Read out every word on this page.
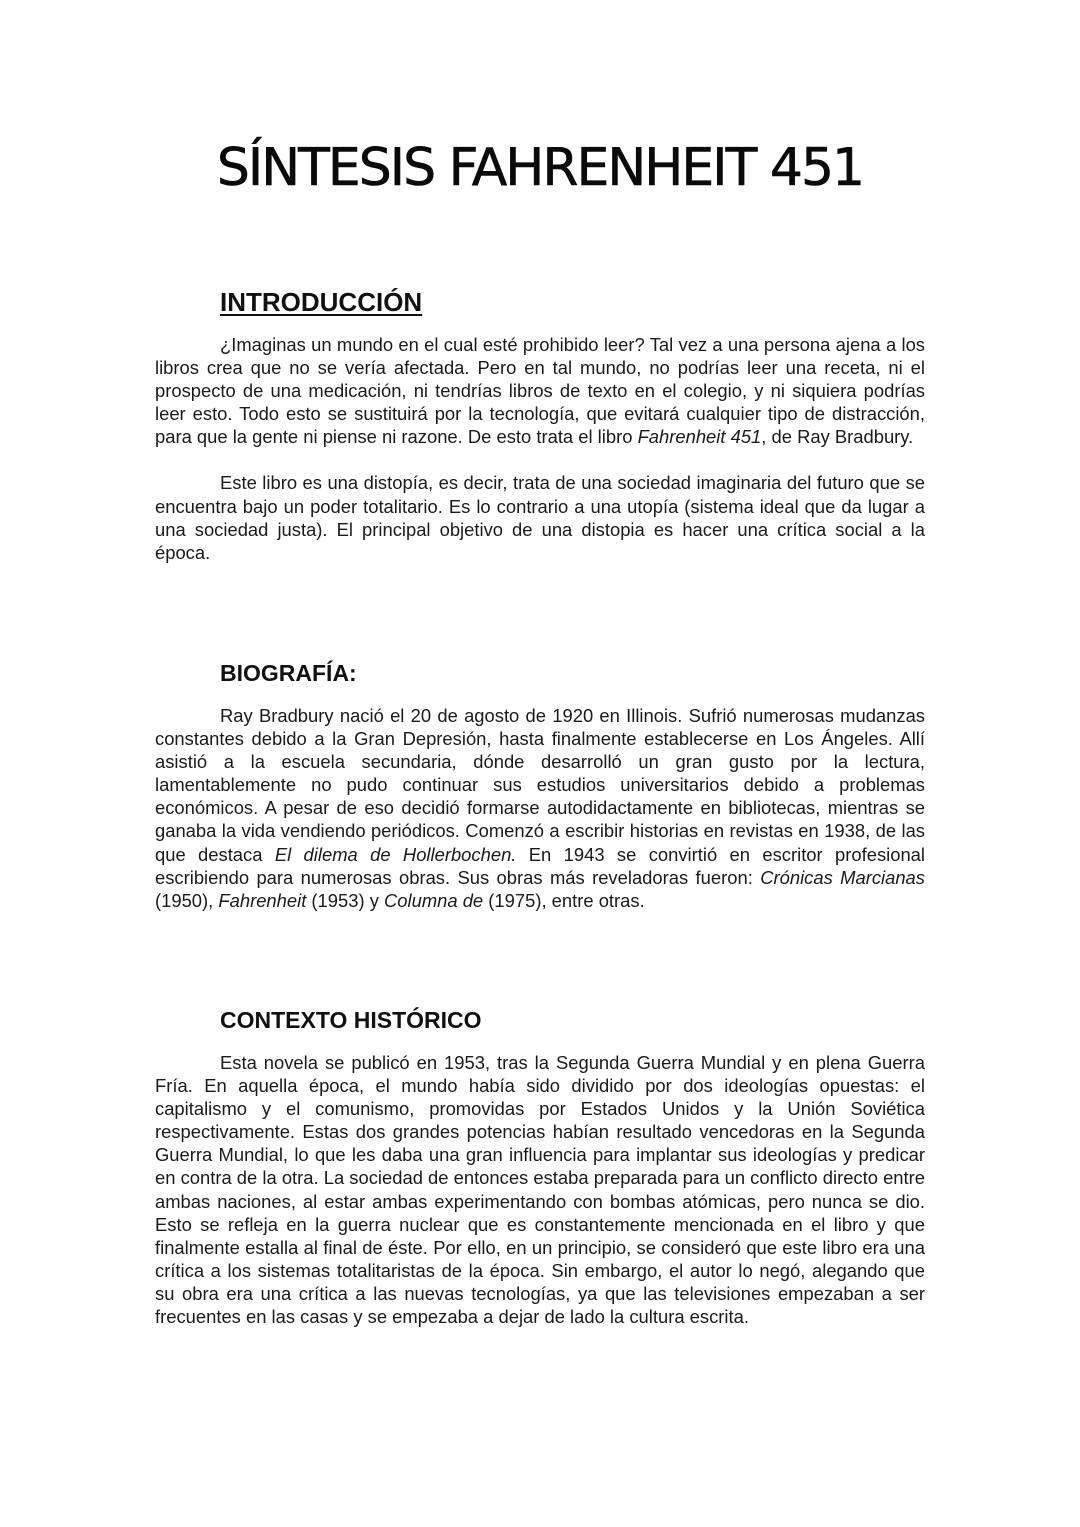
SÍNTESIS FAHRENHEIT 451
INTRODUCCIÓN

¿Imaginas un mundo en el cual esté prohibido leer? Tal vez a una persona ajena a los libros crea que no se vería afectada. Pero en tal mundo, no podrías leer una receta, ni el prospecto de una medicación, ni tendrías libros de texto en el colegio, y ni siquiera podrías leer esto. Todo esto se sustituirá por la tecnología, que evitará cualquier tipo de distracción, para que la gente ni piense ni razone. De esto trata el libro Fahrenheit 451, de Ray Bradbury.

Este libro es una distopía, es decir, trata de una sociedad imaginaria del futuro que se encuentra bajo un poder totalitario. Es lo contrario a una utopía (sistema ideal que da lugar a una sociedad justa). El principal objetivo de una distopia es hacer una crítica social a la época.

BIOGRAFÍA:

Ray Bradbury nació el 20 de agosto de 1920 en Illinois. Sufrió numerosas mudanzas constantes debido a la Gran Depresión, hasta finalmente establecerse en Los Ángeles. Allí asistió a la escuela secundaria, dónde desarrolló un gran gusto por la lectura, lamentablemente no pudo continuar sus estudios universitarios debido a problemas económicos. A pesar de eso decidió formarse autodidactamente en bibliotecas, mientras se ganaba la vida vendiendo periódicos. Comenzó a escribir historias en revistas en 1938, de las que destaca El dilema de Hollerbochen. En 1943 se convirtió en escritor profesional escribiendo para numerosas obras. Sus obras más reveladoras fueron: Crónicas Marcianas (1950), Fahrenheit (1953) y Columna de (1975), entre otras.

CONTEXTO HISTÓRICO

Esta novela se publicó en 1953, tras la Segunda Guerra Mundial y en plena Guerra Fría. En aquella época, el mundo había sido dividido por dos ideologías opuestas: el capitalismo y el comunismo, promovidas por Estados Unidos y la Unión Soviética respectivamente. Estas dos grandes potencias habían resultado vencedoras en la Segunda Guerra Mundial, lo que les daba una gran influencia para implantar sus ideologías y predicar en contra de la otra. La sociedad de entonces estaba preparada para un conflicto directo entre ambas naciones, al estar ambas experimentando con bombas atómicas, pero nunca se dio. Esto se refleja en la guerra nuclear que es constantemente mencionada en el libro y que finalmente estalla al final de éste. Por ello, en un principio, se consideró que este libro era una crítica a los sistemas totalitaristas de la época. Sin embargo, el autor lo negó, alegando que su obra era una crítica a las nuevas tecnologías, ya que las televisiones empezaban a ser frecuentes en las casas y se empezaba a dejar de lado la cultura escrita.
